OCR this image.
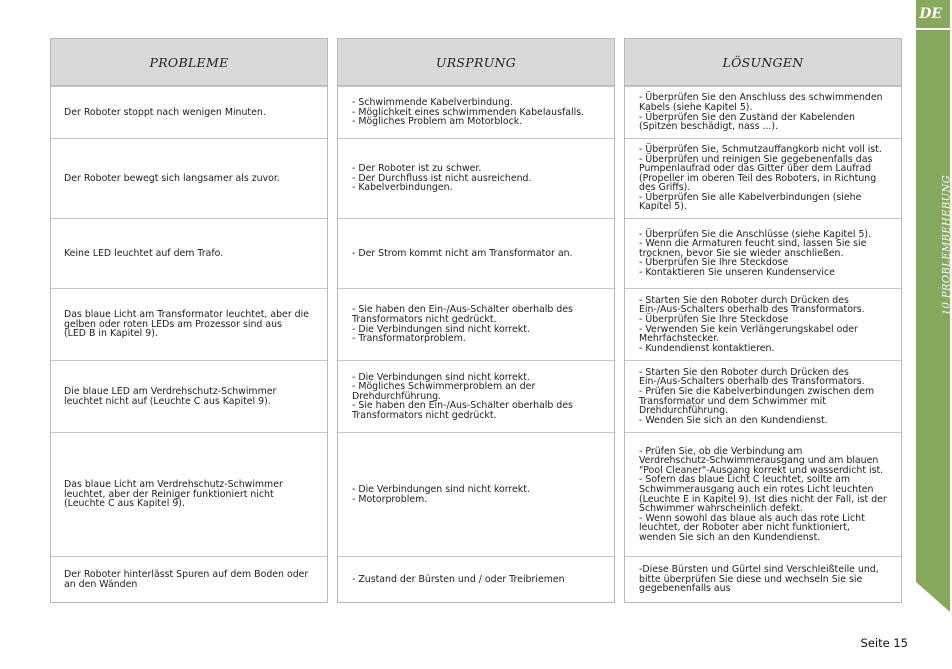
PROBLEME
Der Roboter stoppt nach wenigen Minuten.
Der Roboter bewegt sich langsamer als zuvor.
Keine LED leuchtet auf dem Trafo.
Das blaue Licht am Transformator leuchtet, aber die
gelben oder roten LEDs am Prozessor sind aus
(LED B in Kapitel 9).
Die blaue LED am Verdrehschutz-Schwimmer
leuchtet nicht auf (Leuchte C aus Kapitel 9).
Das blaue Licht am Verdrehschutz-Schwimmer
leuchtet, aber der Reiniger funktioniert nicht
(Leuchte C aus Kapitel 9).
Der Roboter hinterlässt Spuren auf dem Boden oder
an den Wänden
URSPRUNG
- Schwimmende Kabelverbindung.
- Möglichkeit eines schwimmenden Kabelausfalls.
- Mögliches Problem am Motorblock.
- Der Roboter ist zu schwer.
- Der Durchfluss ist nicht ausreichend.
- Kabelverbindungen.
- Der Strom kommt nicht am Transformator an.
- Sie haben den Ein-/Aus-Schalter oberhalb des
Transformators nicht gedrückt.
- Die Verbindungen sind nicht korrekt.
- Transformatorproblem.
- Die Verbindungen sind nicht korrekt.
- Mögliches Schwimmerproblem an der
Drehdurchführung.
- Sie haben den Ein-/Aus-Schalter oberhalb des
Transformators nicht gedrückt.
- Die Verbindungen sind nicht korrekt.
- Motorproblem.
- Zustand der Bürsten und / oder Treibriemen
LÖSUNGEN
- Überprüfen Sie den Anschluss des schwimmenden
Kabels (siehe Kapitel 5).
- Überprüfen Sie den Zustand der Kabelenden
(Spitzen beschädigt, nass ...).
- Überprüfen Sie, Schmutzauffangkorb nicht voll ist.
- Überprüfen und reinigen Sie gegebenenfalls das
Pumpenlaufrad oder das Gitter über dem Laufrad
(Propeller im oberen Teil des Roboters, in Richtung
des Griffs).
- Überprüfen Sie alle Kabelverbindungen (siehe
Kapitel 5).
- Überprüfen Sie die Anschlüsse (siehe Kapitel 5).
- Wenn die Armaturen feucht sind, lassen Sie sie
trocknen, bevor Sie sie wieder anschließen.
- Überprüfen Sie Ihre Steckdose
- Kontaktieren Sie unseren Kundenservice
- Starten Sie den Roboter durch Drücken des
Ein-/Aus-Schalters oberhalb des Transformators.
- Überprüfen Sie Ihre Steckdose
- Verwenden Sie kein Verlängerungskabel oder
Mehrfachstecker.
- Kundendienst kontaktieren.
- Starten Sie den Roboter durch Drücken des
Ein-/Aus-Schalters oberhalb des Transformators.
- Prüfen Sie die Kabelverbindungen zwischen dem
Transformator und dem Schwimmer mit
Drehdurchführung.
- Wenden Sie sich an den Kundendienst.
- Prüfen Sie, ob die Verbindung am
Verdrehschutz-Schwimmerausgang und am blauen
"Pool Cleaner"-Ausgang korrekt und wasserdicht ist.
- Sofern das blaue Licht C leuchtet, sollte am
Schwimmerausgang auch ein rotes Licht leuchten
(Leuchte E in Kapitel 9). Ist dies nicht der Fall, ist der
Schwimmer wahrscheinlich defekt.
- Wenn sowohl das blaue als auch das rote Licht
leuchtet, der Roboter aber nicht funktioniert,
wenden Sie sich an den Kundendienst.
-Diese Bürsten und Gürtel sind Verschleißteile und,
bitte überprüfen Sie diese und wechseln Sie sie
gegebenenfalls aus
DE
10 PROBLEMBEHEBUNG
Seite 15
